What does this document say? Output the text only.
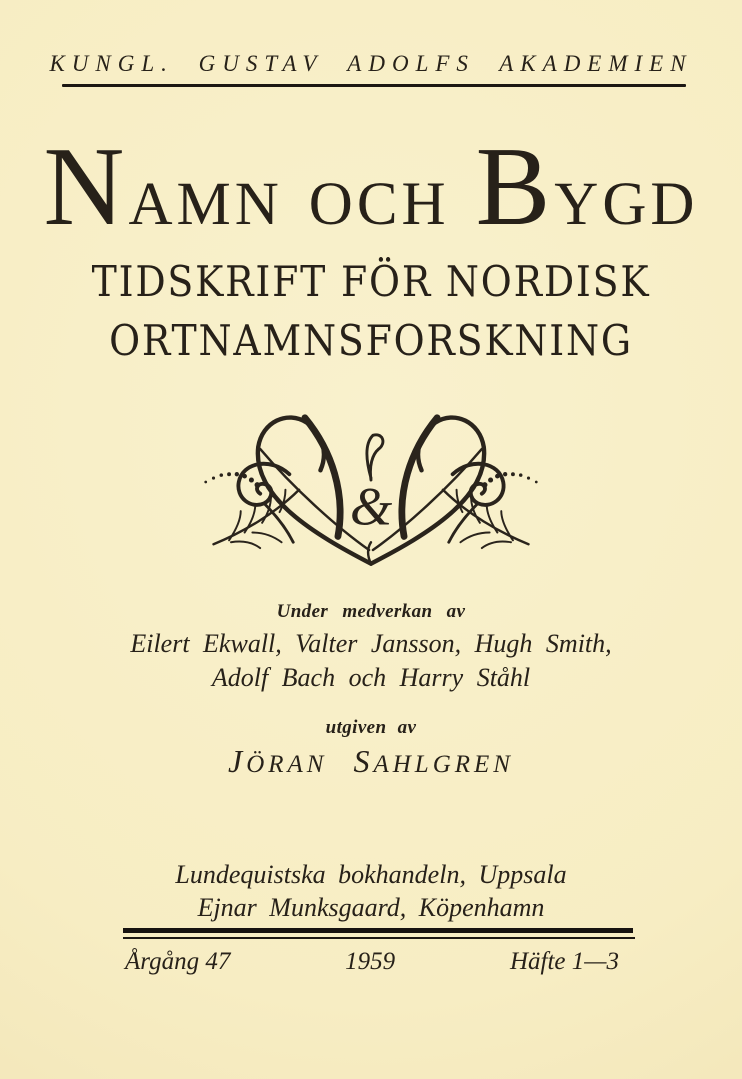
KUNGL. GUSTAV ADOLFS AKADEMIEN
NAMN OCH BYGD
TIDSKRIFT FÖR NORDISK
ORTNAMNSFORSKNING
&
Under medverkan av
Eilert Ekwall, Valter Jansson, Hugh Smith,
Adolf Bach och Harry Ståhl
utgiven av
JÖRAN SAHLGREN
Lundequistska bokhandeln, Uppsala
Ejnar Munksgaard, Köpenhamn
Årgång 47	1959	Häfte 1—3
